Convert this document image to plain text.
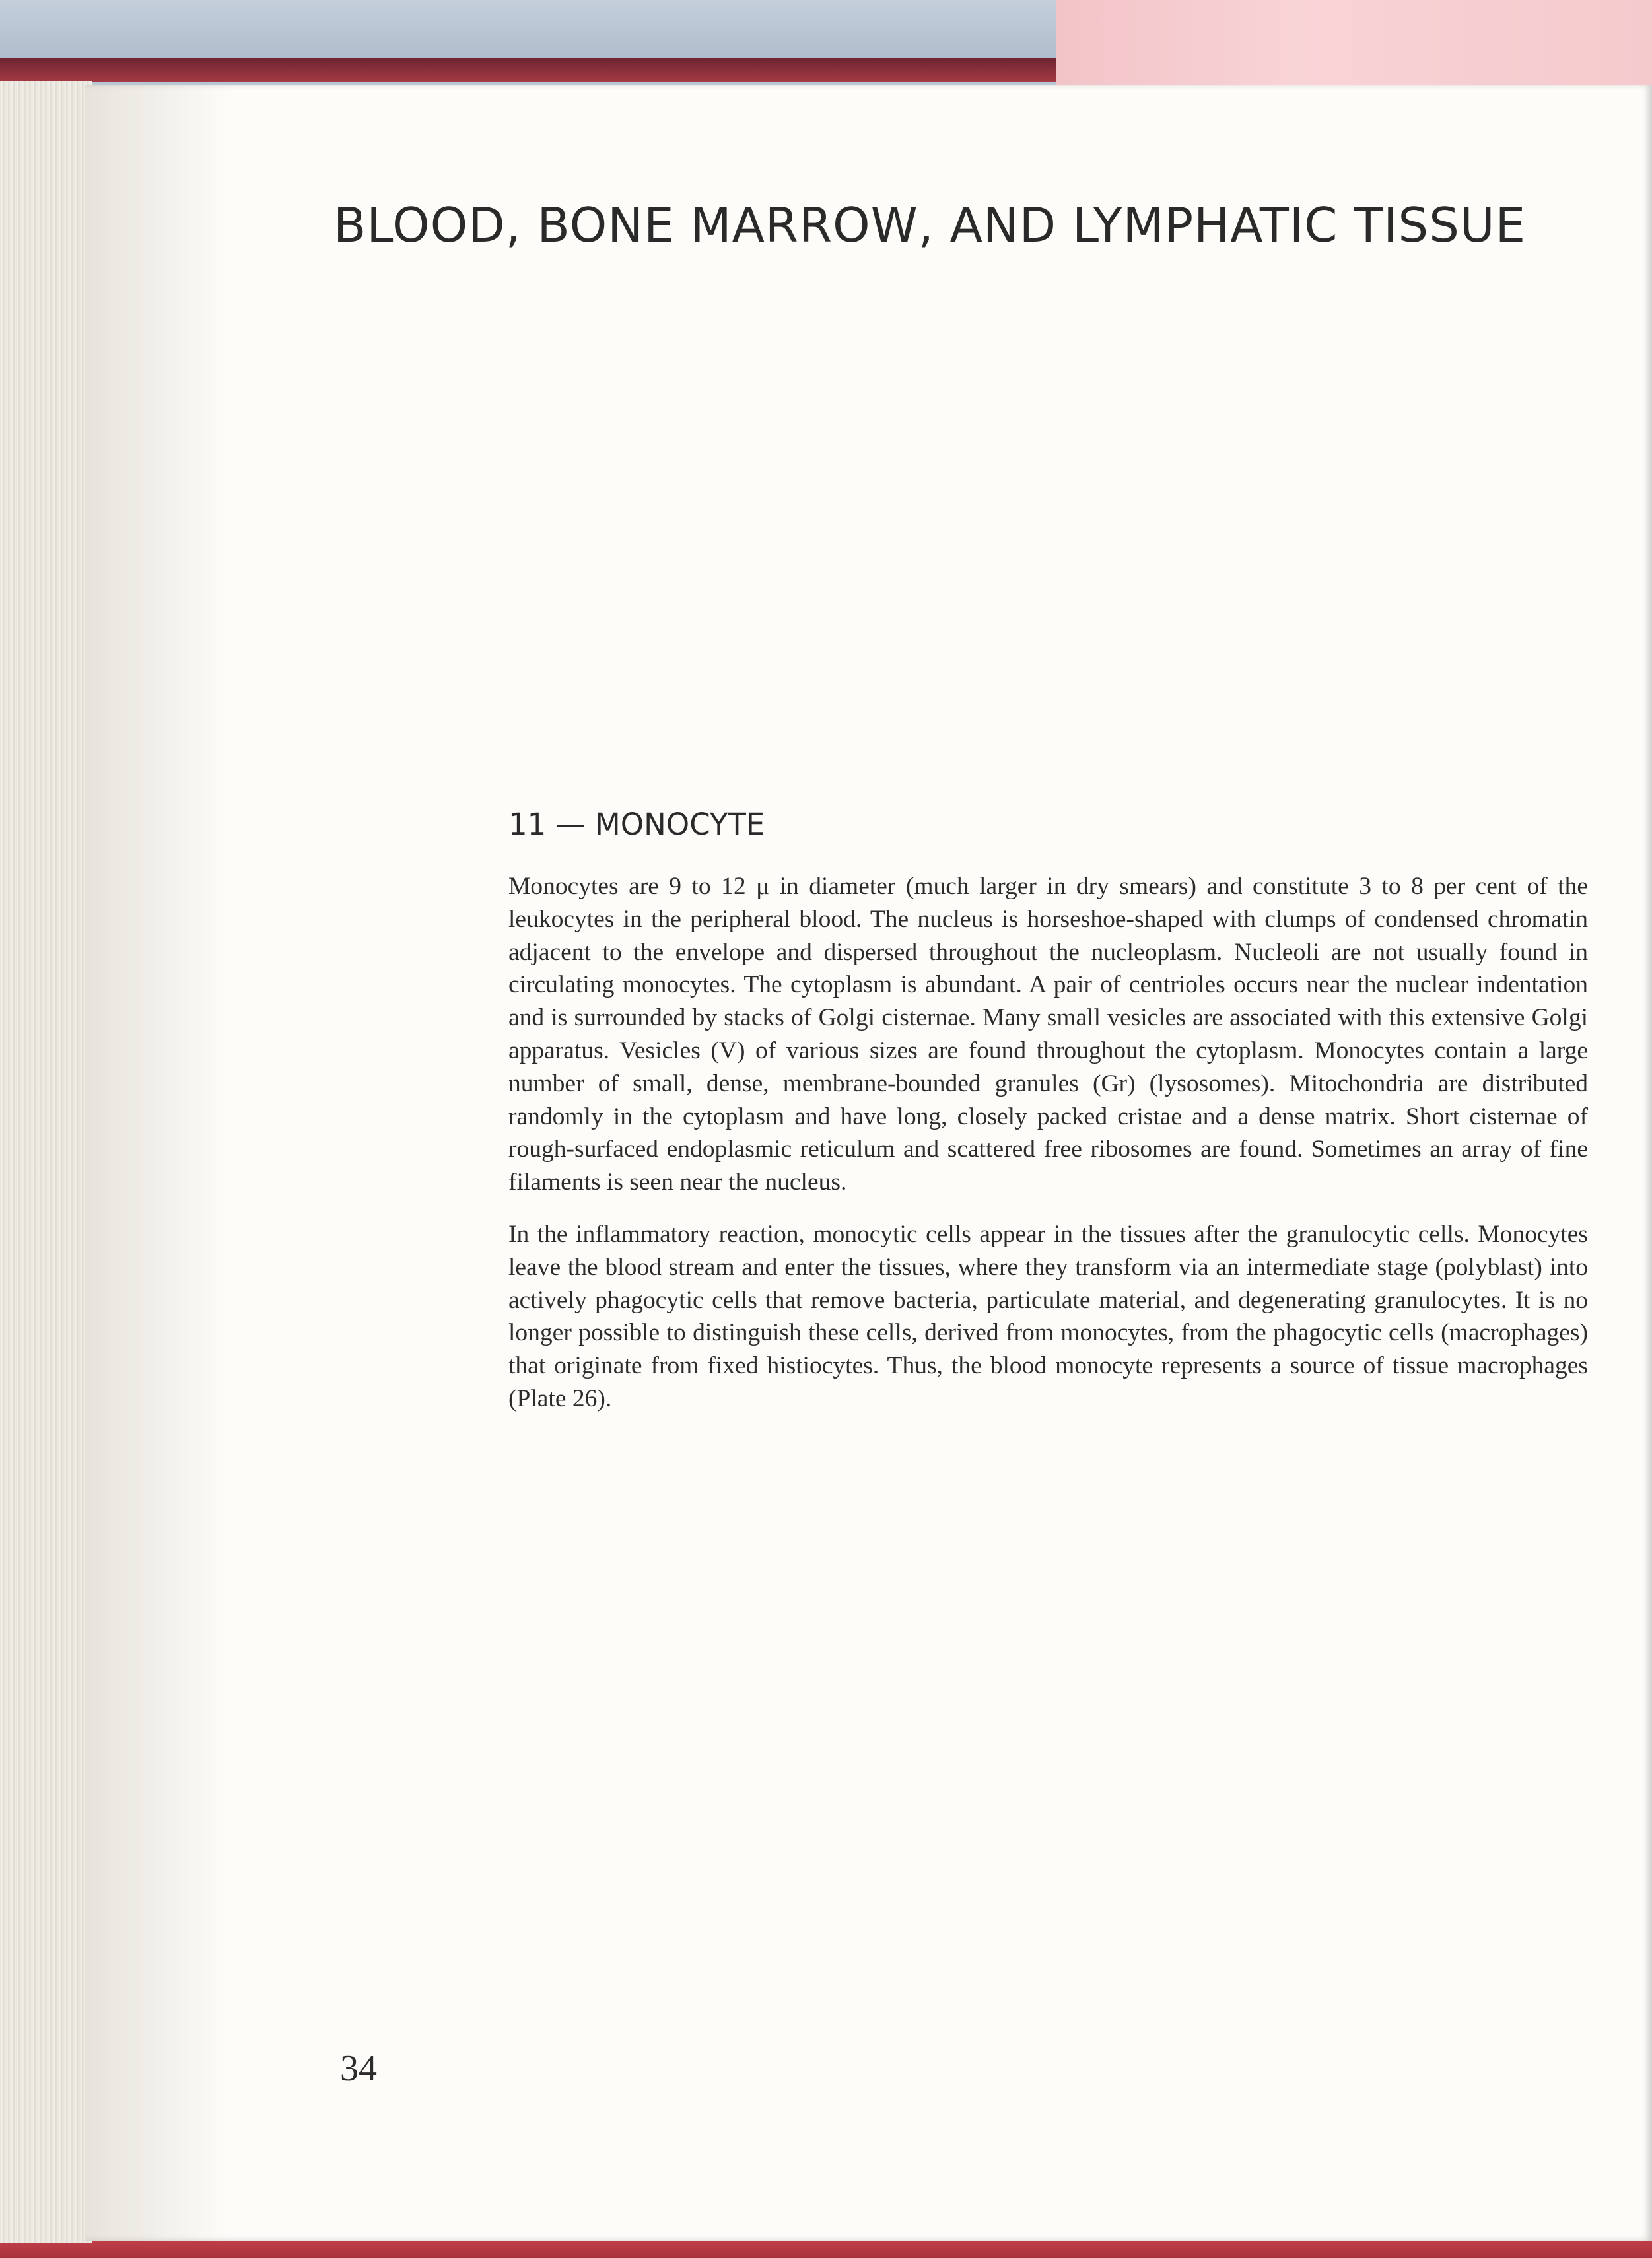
BLOOD, BONE MARROW, AND LYMPHATIC TISSUE
11 — MONOCYTE

Monocytes are 9 to 12 μ in diameter (much larger in dry smears) and constitute 3 to 8 per cent of the leukocytes in the peripheral blood. The nucleus is horseshoe-shaped with clumps of condensed chromatin adjacent to the envelope and dispersed throughout the nucleoplasm. Nucleoli are not usually found in circulating monocytes. The cytoplasm is abundant. A pair of centrioles occurs near the nuclear indentation and is surrounded by stacks of Golgi cisternae. Many small vesicles are associated with this extensive Golgi apparatus. Vesicles (V) of various sizes are found throughout the cytoplasm. Monocytes contain a large number of small, dense, membrane-bounded granules (Gr) (lysosomes). Mitochondria are distributed randomly in the cytoplasm and have long, closely packed cristae and a dense matrix. Short cisternae of rough-surfaced endoplasmic reticulum and scattered free ribosomes are found. Sometimes an array of fine filaments is seen near the nucleus.

In the inflammatory reaction, monocytic cells appear in the tissues after the granulocytic cells. Monocytes leave the blood stream and enter the tissues, where they transform via an intermediate stage (polyblast) into actively phagocytic cells that remove bacteria, particulate material, and degenerating granulocytes. It is no longer possible to distinguish these cells, derived from monocytes, from the phagocytic cells (macrophages) that originate from fixed histiocytes. Thus, the blood monocyte represents a source of tissue macrophages (Plate 26).

34
